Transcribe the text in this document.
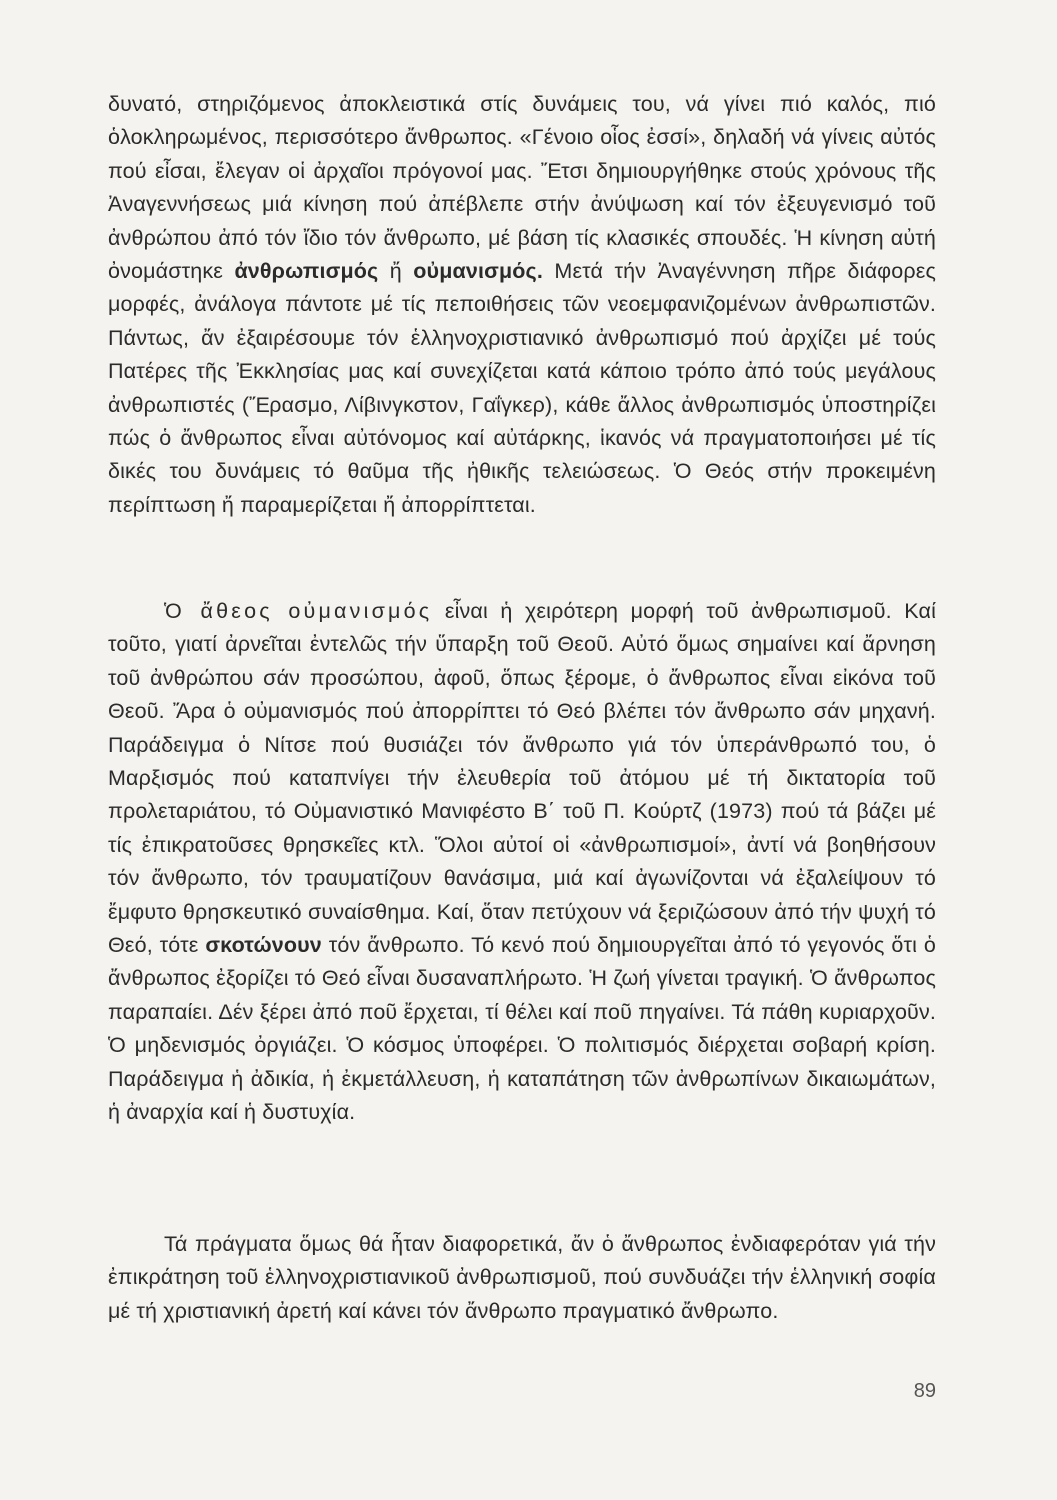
δυνατό, στηριζόμενος ἀποκλειστικά στίς δυνάμεις του, νά γίνει πιό καλός, πιό ὁλοκληρωμένος, περισσότερο ἄνθρωπος. «Γένοιο οἷος ἐσσί», δηλαδή νά γίνεις αὐτός πού εἶσαι, ἔλεγαν οἱ ἀρχαῖοι πρόγονοί μας. Ἔτσι δημιουργήθηκε στούς χρόνους τῆς Ἀναγεννήσεως μιά κίνηση πού ἀπέβλεπε στήν ἀνύψωση καί τόν ἐξευγενισμό τοῦ ἀνθρώπου ἀπό τόν ἴδιο τόν ἄνθρωπο, μέ βάση τίς κλασικές σπουδές. Ἡ κίνηση αὐτή ὀνομάστηκε ἀνθρωπισμός ἤ οὐμανισμός. Μετά τήν Ἀναγέννηση πῆρε διάφορες μορφές, ἀνάλογα πάντοτε μέ τίς πεποιθήσεις τῶν νεοεμφανιζομένων ἀνθρωπιστῶν. Πάντως, ἄν ἐξαιρέσουμε τόν ἑλληνοχριστιανικό ἀνθρωπισμό πού ἀρχίζει μέ τούς Πατέρες τῆς Ἐκκλησίας μας καί συνεχίζεται κατά κάποιο τρόπο ἀπό τούς μεγάλους ἀνθρωπιστές (Ἔρασμο, Λίβινγκστον, Γαΐγκερ), κάθε ἄλλος ἀνθρωπισμός ὑποστηρίζει πώς ὁ ἄνθρωπος εἶναι αὐτόνομος καί αὐτάρκης, ἱκανός νά πραγματοποιήσει μέ τίς δικές του δυνάμεις τό θαῦμα τῆς ἠθικῆς τελειώσεως. Ὁ Θεός στήν προκειμένη περίπτωση ἤ παραμερίζεται ἤ ἀπορρίπτεται.

Ὁ ἄθεος οὐμανισμός εἶναι ἡ χειρότερη μορφή τοῦ ἀνθρωπισμοῦ. Καί τοῦτο, γιατί ἀρνεῖται ἐντελῶς τήν ὕπαρξη τοῦ Θεοῦ. Αὐτό ὅμως σημαίνει καί ἄρνηση τοῦ ἀνθρώπου σάν προσώπου, ἀφοῦ, ὅπως ξέρομε, ὁ ἄνθρωπος εἶναι εἰκόνα τοῦ Θεοῦ. Ἄρα ὁ οὐμανισμός πού ἀπορρίπτει τό Θεό βλέπει τόν ἄνθρωπο σάν μηχανή. Παράδειγμα ὁ Νίτσε πού θυσιάζει τόν ἄνθρωπο γιά τόν ὑπεράνθρωπό του, ὁ Μαρξισμός πού καταπνίγει τήν ἐλευθερία τοῦ ἀτόμου μέ τή δικτατορία τοῦ προλεταριάτου, τό Οὐμανιστικό Μανιφέστο Β΄ τοῦ Π. Κούρτζ (1973) πού τά βάζει μέ τίς ἐπικρατοῦσες θρησκεῖες κτλ. Ὅλοι αὐτοί οἱ «ἀνθρωπισμοί», ἀντί νά βοηθήσουν τόν ἄνθρωπο, τόν τραυματίζουν θανάσιμα, μιά καί ἀγωνίζονται νά ἐξαλείψουν τό ἔμφυτο θρησκευτικό συναίσθημα. Καί, ὅταν πετύχουν νά ξεριζώσουν ἀπό τήν ψυχή τό Θεό, τότε σκοτώνουν τόν ἄνθρωπο. Τό κενό πού δημιουργεῖται ἀπό τό γεγονός ὅτι ὁ ἄνθρωπος ἐξορίζει τό Θεό εἶναι δυσαναπλήρωτο. Ἡ ζωή γίνεται τραγική. Ὁ ἄνθρωπος παραπαίει. Δέν ξέρει ἀπό ποῦ ἔρχεται, τί θέλει καί ποῦ πηγαίνει. Τά πάθη κυριαρχοῦν. Ὁ μηδενισμός ὀργιάζει. Ὁ κόσμος ὑποφέρει. Ὁ πολιτισμός διέρχεται σοβαρή κρίση. Παράδειγμα ἡ ἀδικία, ἡ ἐκμετάλλευση, ἡ καταπάτηση τῶν ἀνθρωπίνων δικαιωμάτων, ἡ ἀναρχία καί ἡ δυστυχία.

Τά πράγματα ὅμως θά ἦταν διαφορετικά, ἄν ὁ ἄνθρωπος ἐνδιαφερόταν γιά τήν ἐπικράτηση τοῦ ἑλληνοχριστιανικοῦ ἀνθρωπισμοῦ, πού συνδυάζει τήν ἑλληνική σοφία μέ τή χριστιανική ἀρετή καί κάνει τόν ἄνθρωπο πραγματικό ἄνθρωπο.

89
